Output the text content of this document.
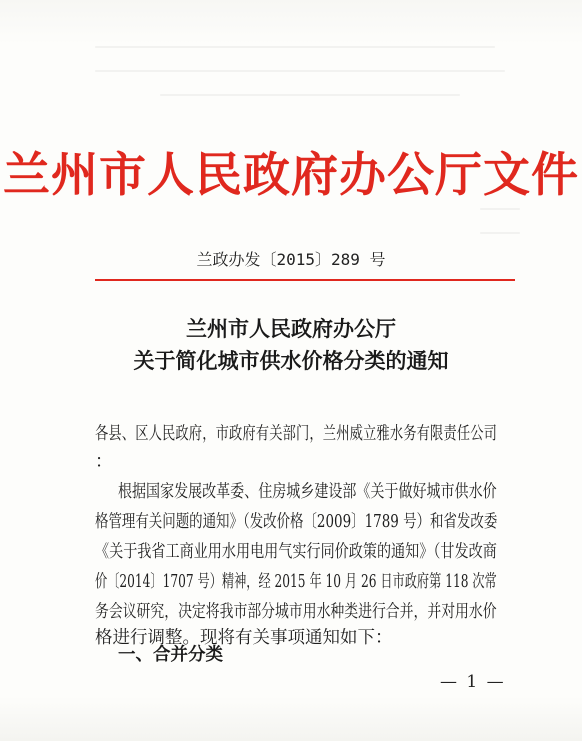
兰州市人民政府办公厅文件
兰政办发〔2015〕289 号
兰州市人民政府办公厅
关于简化城市供水价格分类的通知
各县、区人民政府，市政府有关部门，兰州威立雅水务有限责任公司
：
根据国家发展改革委、住房城乡建设部《关于做好城市供水价
格管理有关问题的通知》（发改价格〔2009〕1789 号）和省发改委
《关于我省工商业用水用电用气实行同价政策的通知》（甘发改商
价〔2014〕1707 号）精神，经 2015 年 10 月 26 日市政府第 118 次常
务会议研究，决定将我市部分城市用水种类进行合并，并对用水价
格进行调整。现将有关事项通知如下：
一、合并分类
— 1 —
